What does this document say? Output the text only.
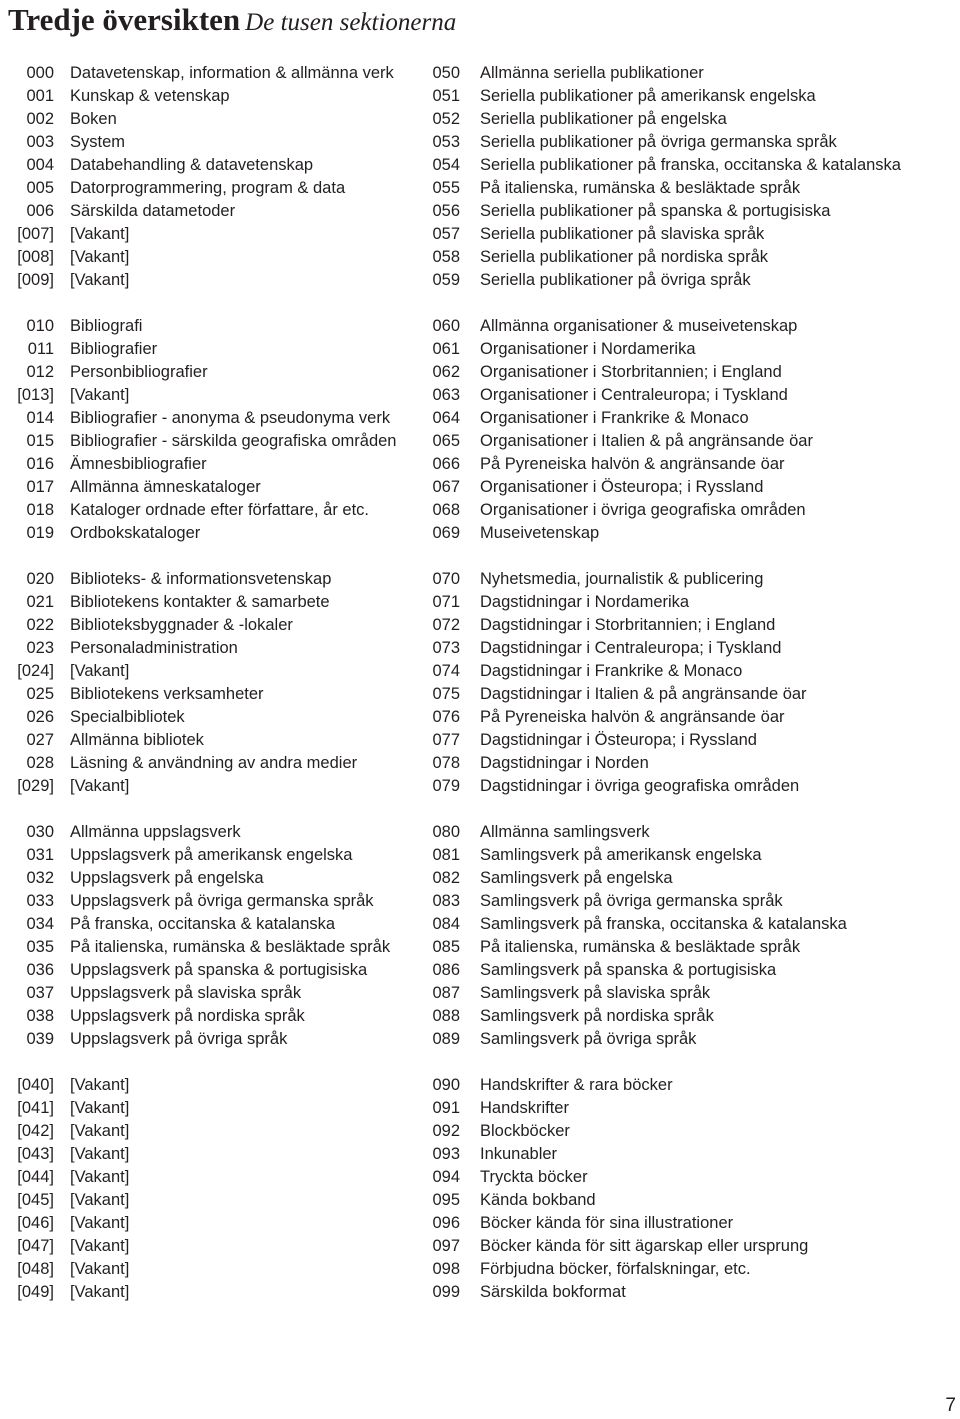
Tredje översikten De tusen sektionerna
000 Datavetenskap, information & allmänna verk
001 Kunskap & vetenskap
002 Boken
003 System
004 Databehandling & datavetenskap
005 Datorprogrammering, program & data
006 Särskilda datametoder
[007] [Vakant]
[008] [Vakant]
[009] [Vakant]
010 Bibliografi
011 Bibliografier
012 Personbibliografier
[013] [Vakant]
014 Bibliografier - anonyma & pseudonyma verk
015 Bibliografier - särskilda geografiska områden
016 Ämnesbibliografier
017 Allmänna ämneskataloger
018 Kataloger ordnade efter författare, år etc.
019 Ordbokskataloger
020 Biblioteks- & informationsvetenskap
021 Bibliotekens kontakter & samarbete
022 Biblioteksbyggnader & -lokaler
023 Personaladministration
[024] [Vakant]
025 Bibliotekens verksamheter
026 Specialbibliotek
027 Allmänna bibliotek
028 Läsning & användning av andra medier
[029] [Vakant]
030 Allmänna uppslagsverk
031 Uppslagsverk på amerikansk engelska
032 Uppslagsverk på engelska
033 Uppslagsverk på övriga germanska språk
034 På franska, occitanska & katalanska
035 På italienska, rumänska & besläktade språk
036 Uppslagsverk på spanska & portugisiska
037 Uppslagsverk på slaviska språk
038 Uppslagsverk på nordiska språk
039 Uppslagsverk på övriga språk
[040] [Vakant]
[041] [Vakant]
[042] [Vakant]
[043] [Vakant]
[044] [Vakant]
[045] [Vakant]
[046] [Vakant]
[047] [Vakant]
[048] [Vakant]
[049] [Vakant]
050 Allmänna seriella publikationer
051 Seriella publikationer på amerikansk engelska
052 Seriella publikationer på engelska
053 Seriella publikationer på övriga germanska språk
054 Seriella publikationer på franska, occitanska & katalanska
055 På italienska, rumänska & besläktade språk
056 Seriella publikationer på spanska & portugisiska
057 Seriella publikationer på slaviska språk
058 Seriella publikationer på nordiska språk
059 Seriella publikationer på övriga språk
060 Allmänna organisationer & museivetenskap
061 Organisationer i Nordamerika
062 Organisationer i Storbritannien; i England
063 Organisationer i Centraleuropa; i Tyskland
064 Organisationer i Frankrike & Monaco
065 Organisationer i Italien & på angränsande öar
066 På Pyreneiska halvön & angränsande öar
067 Organisationer i Östeuropa; i Ryssland
068 Organisationer i övriga geografiska områden
069 Museivetenskap
070 Nyhetsmedia, journalistik & publicering
071 Dagstidningar i Nordamerika
072 Dagstidningar i Storbritannien; i England
073 Dagstidningar i Centraleuropa; i Tyskland
074 Dagstidningar i Frankrike & Monaco
075 Dagstidningar i Italien & på angränsande öar
076 På Pyreneiska halvön & angränsande öar
077 Dagstidningar i Östeuropa; i Ryssland
078 Dagstidningar i Norden
079 Dagstidningar i övriga geografiska områden
080 Allmänna samlingsverk
081 Samlingsverk på amerikansk engelska
082 Samlingsverk på engelska
083 Samlingsverk på övriga germanska språk
084 Samlingsverk på franska, occitanska & katalanska
085 På italienska, rumänska & besläktade språk
086 Samlingsverk på spanska & portugisiska
087 Samlingsverk på slaviska språk
088 Samlingsverk på nordiska språk
089 Samlingsverk på övriga språk
090 Handskrifter & rara böcker
091 Handskrifter
092 Blockböcker
093 Inkunabler
094 Tryckta böcker
095 Kända bokband
096 Böcker kända för sina illustrationer
097 Böcker kända för sitt ägarskap eller ursprung
098 Förbjudna böcker, förfalskningar, etc.
099 Särskilda bokformat
7
